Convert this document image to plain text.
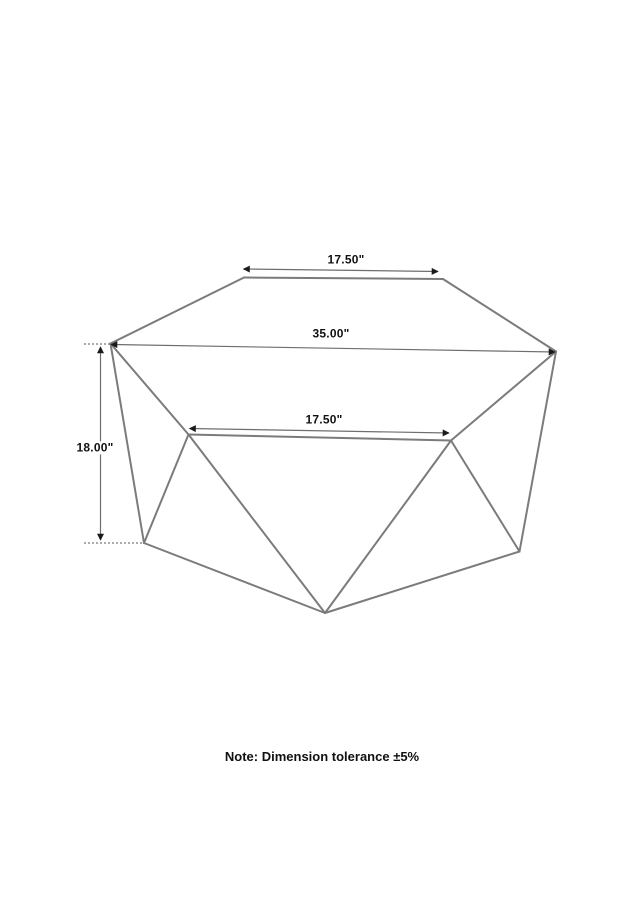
17.50"
35.00"
17.50"
18.00"
Note: Dimension tolerance ±5%
